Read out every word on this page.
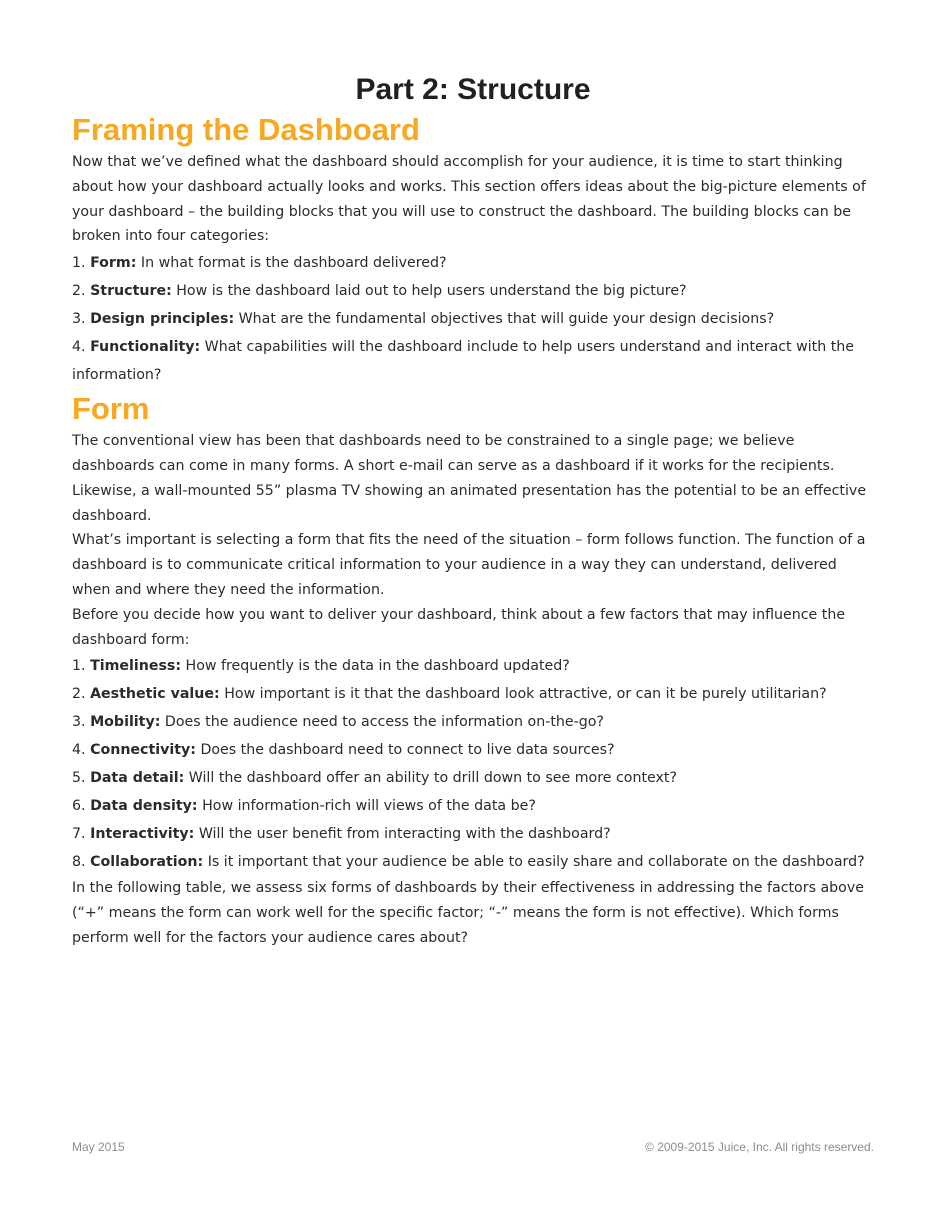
Part 2: Structure
Framing the Dashboard

Now that we’ve defined what the dashboard should accomplish for your audience, it is time to start thinking about how your dashboard actually looks and works. This section offers ideas about the big-picture elements of your dashboard – the building blocks that you will use to construct the dashboard. The building blocks can be broken into four categories:

1. Form: In what format is the dashboard delivered?
2. Structure: How is the dashboard laid out to help users understand the big picture?
3. Design principles: What are the fundamental objectives that will guide your design decisions?
4. Functionality: What capabilities will the dashboard include to help users understand and interact with the information?
Form

The conventional view has been that dashboards need to be constrained to a single page; we believe dashboards can come in many forms. A short e-mail can serve as a dashboard if it works for the recipients. Likewise, a wall-mounted 55” plasma TV showing an animated presentation has the potential to be an effective dashboard.

What’s important is selecting a form that fits the need of the situation – form follows function. The function of a dashboard is to communicate critical information to your audience in a way they can understand, delivered when and where they need the information.

Before you decide how you want to deliver your dashboard, think about a few factors that may influence the dashboard form:

1. Timeliness: How frequently is the data in the dashboard updated?
2. Aesthetic value: How important is it that the dashboard look attractive, or can it be purely utilitarian?
3. Mobility: Does the audience need to access the information on-the-go?
4. Connectivity: Does the dashboard need to connect to live data sources?
5. Data detail: Will the dashboard offer an ability to drill down to see more context?
6. Data density: How information-rich will views of the data be?
7. Interactivity: Will the user benefit from interacting with the dashboard?
8. Collaboration: Is it important that your audience be able to easily share and collaborate on the dashboard?

In the following table, we assess six forms of dashboards by their effectiveness in addressing the factors above (“+” means the form can work well for the specific factor; “-” means the form is not effective). Which forms perform well for the factors your audience cares about?

May 2015	© 2009-2015 Juice, Inc. All rights reserved.
